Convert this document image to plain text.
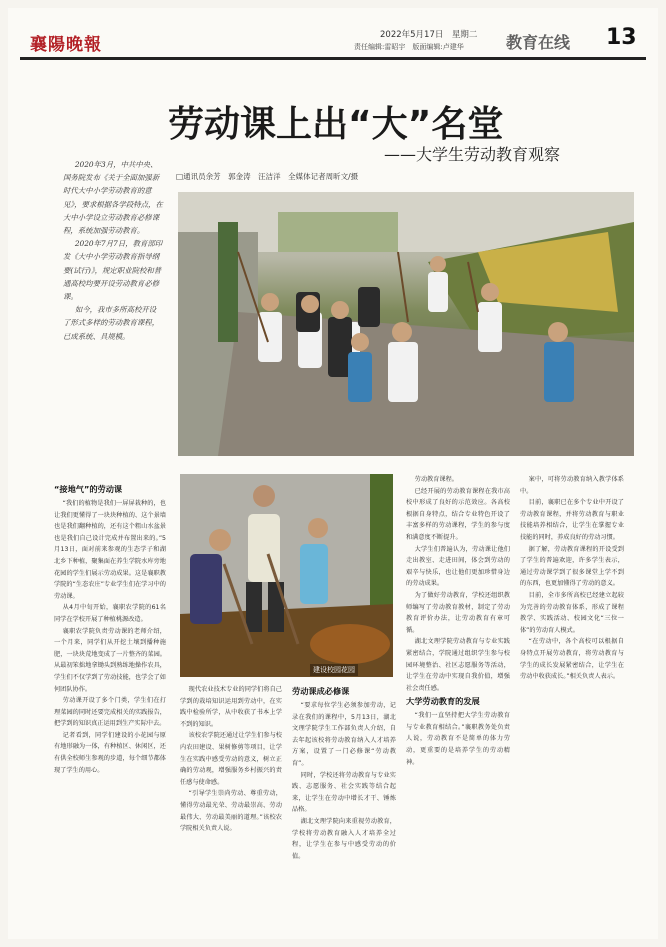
襄陽晚報	2022年5月17日　星期二
责任编辑:雷昭宇　版面编辑:卢建华	教育在线 13
劳动课上出“大”名堂
——大学生劳动教育观察
□通讯员余芳　郭金涛　汪洁洋　全媒体记者周昕文/摄

2020年3月，中共中央、国务院发布《关于全面加强新时代大中小学劳动教育的意见》，要求根据各学段特点，在大中小学设立劳动教育必修课程，系统加强劳动教育。

2020年7月7日，教育部印发《大中小学劳动教育指导纲要(试行)》，规定职业院校和普通高校均要开设劳动教育必修课。

如今，我市多所高校开设了形式多样的劳动教育课程，已成系统、具规模。

建设校园花园
“接地气”的劳动课

“我们的植物是我们一屏屏栽种的，也让我们更懂得了一块块种植的、这个景墙也是我们翻种植的，还有这个粗山水盆景也是我们自己设计完成并布置出来的。”5月13日，面对前来参观的生态学子和湖北乡下种植，聚集面在养生学院水库旁地花园的学生们展示劳动成果。这是襄职教学院的“生态农庄”专业学生们在学习中的劳动课。

从4月中旬开始，襄职农学院的61名同学在学校开展了种植桃源改造。

襄职农学院负责劳动课的老师介绍，一个月来，同学们从开挖土壤到播种施肥，一块块荒地变成了一片整齐的菜园。从最初笨拙地拿锄头到熟练地操作农具，学生们不仅学到了劳动技能，也学会了如何团队协作。

劳动课开设了多个门类，学生们在打理菜园的同时还要完成相关的实践报告，把学到的知识真正运用到生产实际中去。

记者看到，同学们建设的小花园与原有地形融为一体，有种植区、休闲区，还有供全校师生参观的步道，每个细节都体现了学生的用心。

现代农业技术专业的同学们将自己学到的栽培知识运用到劳动中，在实践中检验所学，从中收获了书本上学不到的知识。

该校农学院还通过让学生们参与校内农田建设、果树修剪等项目，让学生在实践中感受劳动的意义，树立正确的劳动观，增强服务乡村振兴的责任感与使命感。

“引导学生崇尚劳动、尊重劳动，懂得劳动最光荣、劳动最崇高、劳动最伟大、劳动最美丽的道理。”该校农学院相关负责人说。

劳动课成必修课

“要求每位学生必须参加劳动，记录在我们的课程中，5月13日，湖北文理学院学生工作部负责人介绍，自去年起该校将劳动教育纳入人才培养方案，设置了一门必修课“劳动教育”。

同时，学校还将劳动教育与专业实践、志愿服务、社会实践等结合起来，让学生在劳动中增长才干、锤炼品格。

湖北文理学院向来重视劳动教育，学校将劳动教育融入人才培养全过程，让学生在参与中感受劳动的价值。

劳动教育课程。

已经开展的劳动教育课程在我市高校中形成了良好的示范效应。各高校根据自身特点，结合专业特色开设了丰富多样的劳动课程，学生的参与度和满意度不断提升。

大学生们普遍认为，劳动课让他们走出教室、走进田间，体会到劳动的艰辛与快乐，也让他们更加珍惜身边的劳动成果。

为了做好劳动教育，学校还组织教师编写了劳动教育教材，制定了劳动教育评价办法，让劳动教育有章可循。

湖北文理学院劳动教育与专业实践紧密结合，学院通过组织学生参与校园环境整治、社区志愿服务等活动，让学生在劳动中实现自我价值，增强社会责任感。

大学劳动教育的发展

“我们一直坚持把大学生劳动教育与专业教育相结合。”襄职教务处负责人说，劳动教育不是简单的体力劳动，更重要的是培养学生的劳动精神。

案中，可将劳动教育纳入教学体系中。

目前，襄职已在多个专业中开设了劳动教育课程，并将劳动教育与职业技能培养相结合，让学生在掌握专业技能的同时，养成良好的劳动习惯。

据了解，劳动教育课程的开设受到了学生的普遍欢迎，许多学生表示，通过劳动课学到了很多课堂上学不到的东西，也更加懂得了劳动的意义。

目前，全市多所高校已经建立起较为完善的劳动教育体系，形成了课程教学、实践活动、校园文化“三位一体”的劳动育人模式。

“在劳动中，各个高校可以根据自身特点开展劳动教育，将劳动教育与学生的成长发展紧密结合，让学生在劳动中收获成长。”相关负责人表示。
